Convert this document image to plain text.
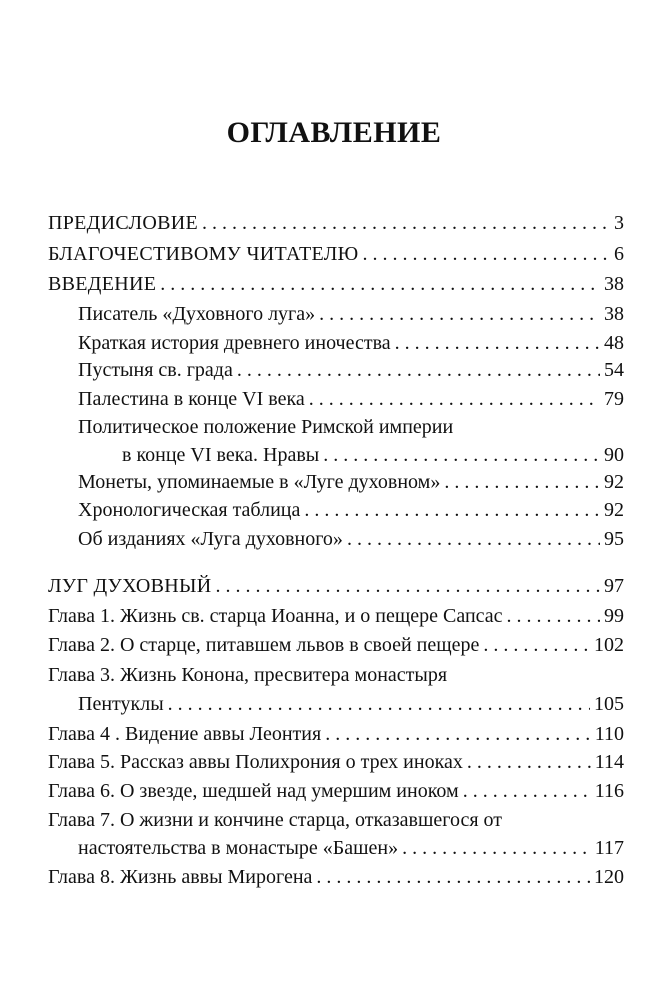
ОГЛАВЛЕНИЕ
ПРЕДИСЛОВИЕ . . .	3
БЛАГОЧЕСТИВОМУ ЧИТАТЕЛЮ . . .	6
ВВЕДЕНИЕ . . .	38
Писатель «Духовного луга» . . .	38
Краткая история древнего иночества . . .	48
Пустыня св. града . . .	54
Палестина в конце VI века . . .	79
Политическое положение Римской империи
в конце VI века. Нравы . . .	90
Монеты, упоминаемые в «Луге духовном» . . .	92
Хронологическая таблица . . .	92
Об изданиях «Луга духовного» . . .	95
ЛУГ ДУХОВНЫЙ . . .	97
Глава 1. Жизнь св. старца Иоанна, и о пещере Сапсас . . .	99
Глава 2. О старце, питавшем львов в своей пещере . . .	102
Глава 3. Жизнь Конона, пресвитера монастыря
Пентуклы . . .	105
Глава 4 . Видение аввы Леонтия . . .	110
Глава 5. Рассказ аввы Полихрония о трех иноках . . .	114
Глава 6. О звезде, шедшей над умершим иноком . . .	116
Глава 7. О жизни и кончине старца, отказавшегося от
настоятельства в монастыре «Башен» . . .	117
Глава 8. Жизнь аввы Мирогена . . .	120
